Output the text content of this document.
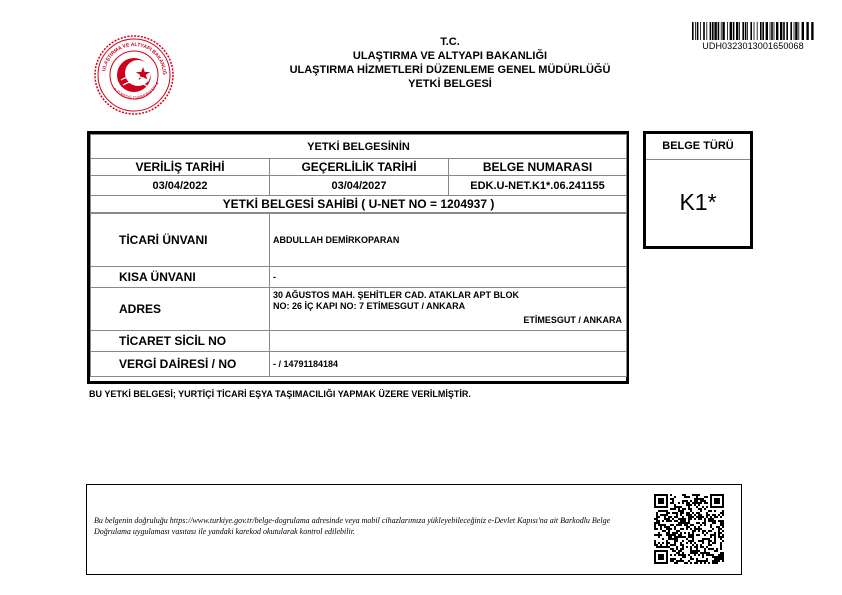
ULAŞTIRMA VE ALTYAPI BAKANLIĞ
★ TÜRKİYE CUMHURİYETİ ★
T.C.
ULAŞTIRMA VE ALTYAPI BAKANLIĞI
ULAŞTIRMA HİZMETLERİ DÜZENLEME GENEL MÜDÜRLÜĞÜ
YETKİ BELGESİ
UDH0323013001650068
YETKİ BELGESİNİN		
VERİLİŞ TARİHİ	GEÇERLİLİK TARİHİ	BELGE NUMARASI
03/04/2022	03/04/2027	EDK.U-NET.K1*.06.241155
YETKİ BELGESİ SAHİBİ ( U-NET NO = 1204937 )		
TİCARİ ÜNVANI	ABDULLAH DEMİRKOPARAN
KISA ÜNVANI	-
ADRES	30 AĞUSTOS MAH. ŞEHİTLER CAD. ATAKLAR APT BLOK
NO: 26 İÇ KAPI NO: 7 ETİMESGUT / ANKARA
ETİMESGUT / ANKARA

TİCARET SİCİL NO	
VERGİ DAİRESİ / NO	- / 14791184184
BELGE TÜRÜ
K1*
BU YETKİ BELGESİ; YURTİÇİ TİCARİ EŞYA TAŞIMACILIĞI YAPMAK ÜZERE VERİLMİŞTİR.
Bu belgenin doğruluğu https://www.turkiye.gov.tr/belge-dogrulama adresinde veya mobil cihazlarımıza yükleyebileceğiniz e-Devlet Kapısı'na ait Barkodlu Belge Doğrulama uygulaması vasıtası ile yandaki karekod okutularak kontrol edilebilir.
